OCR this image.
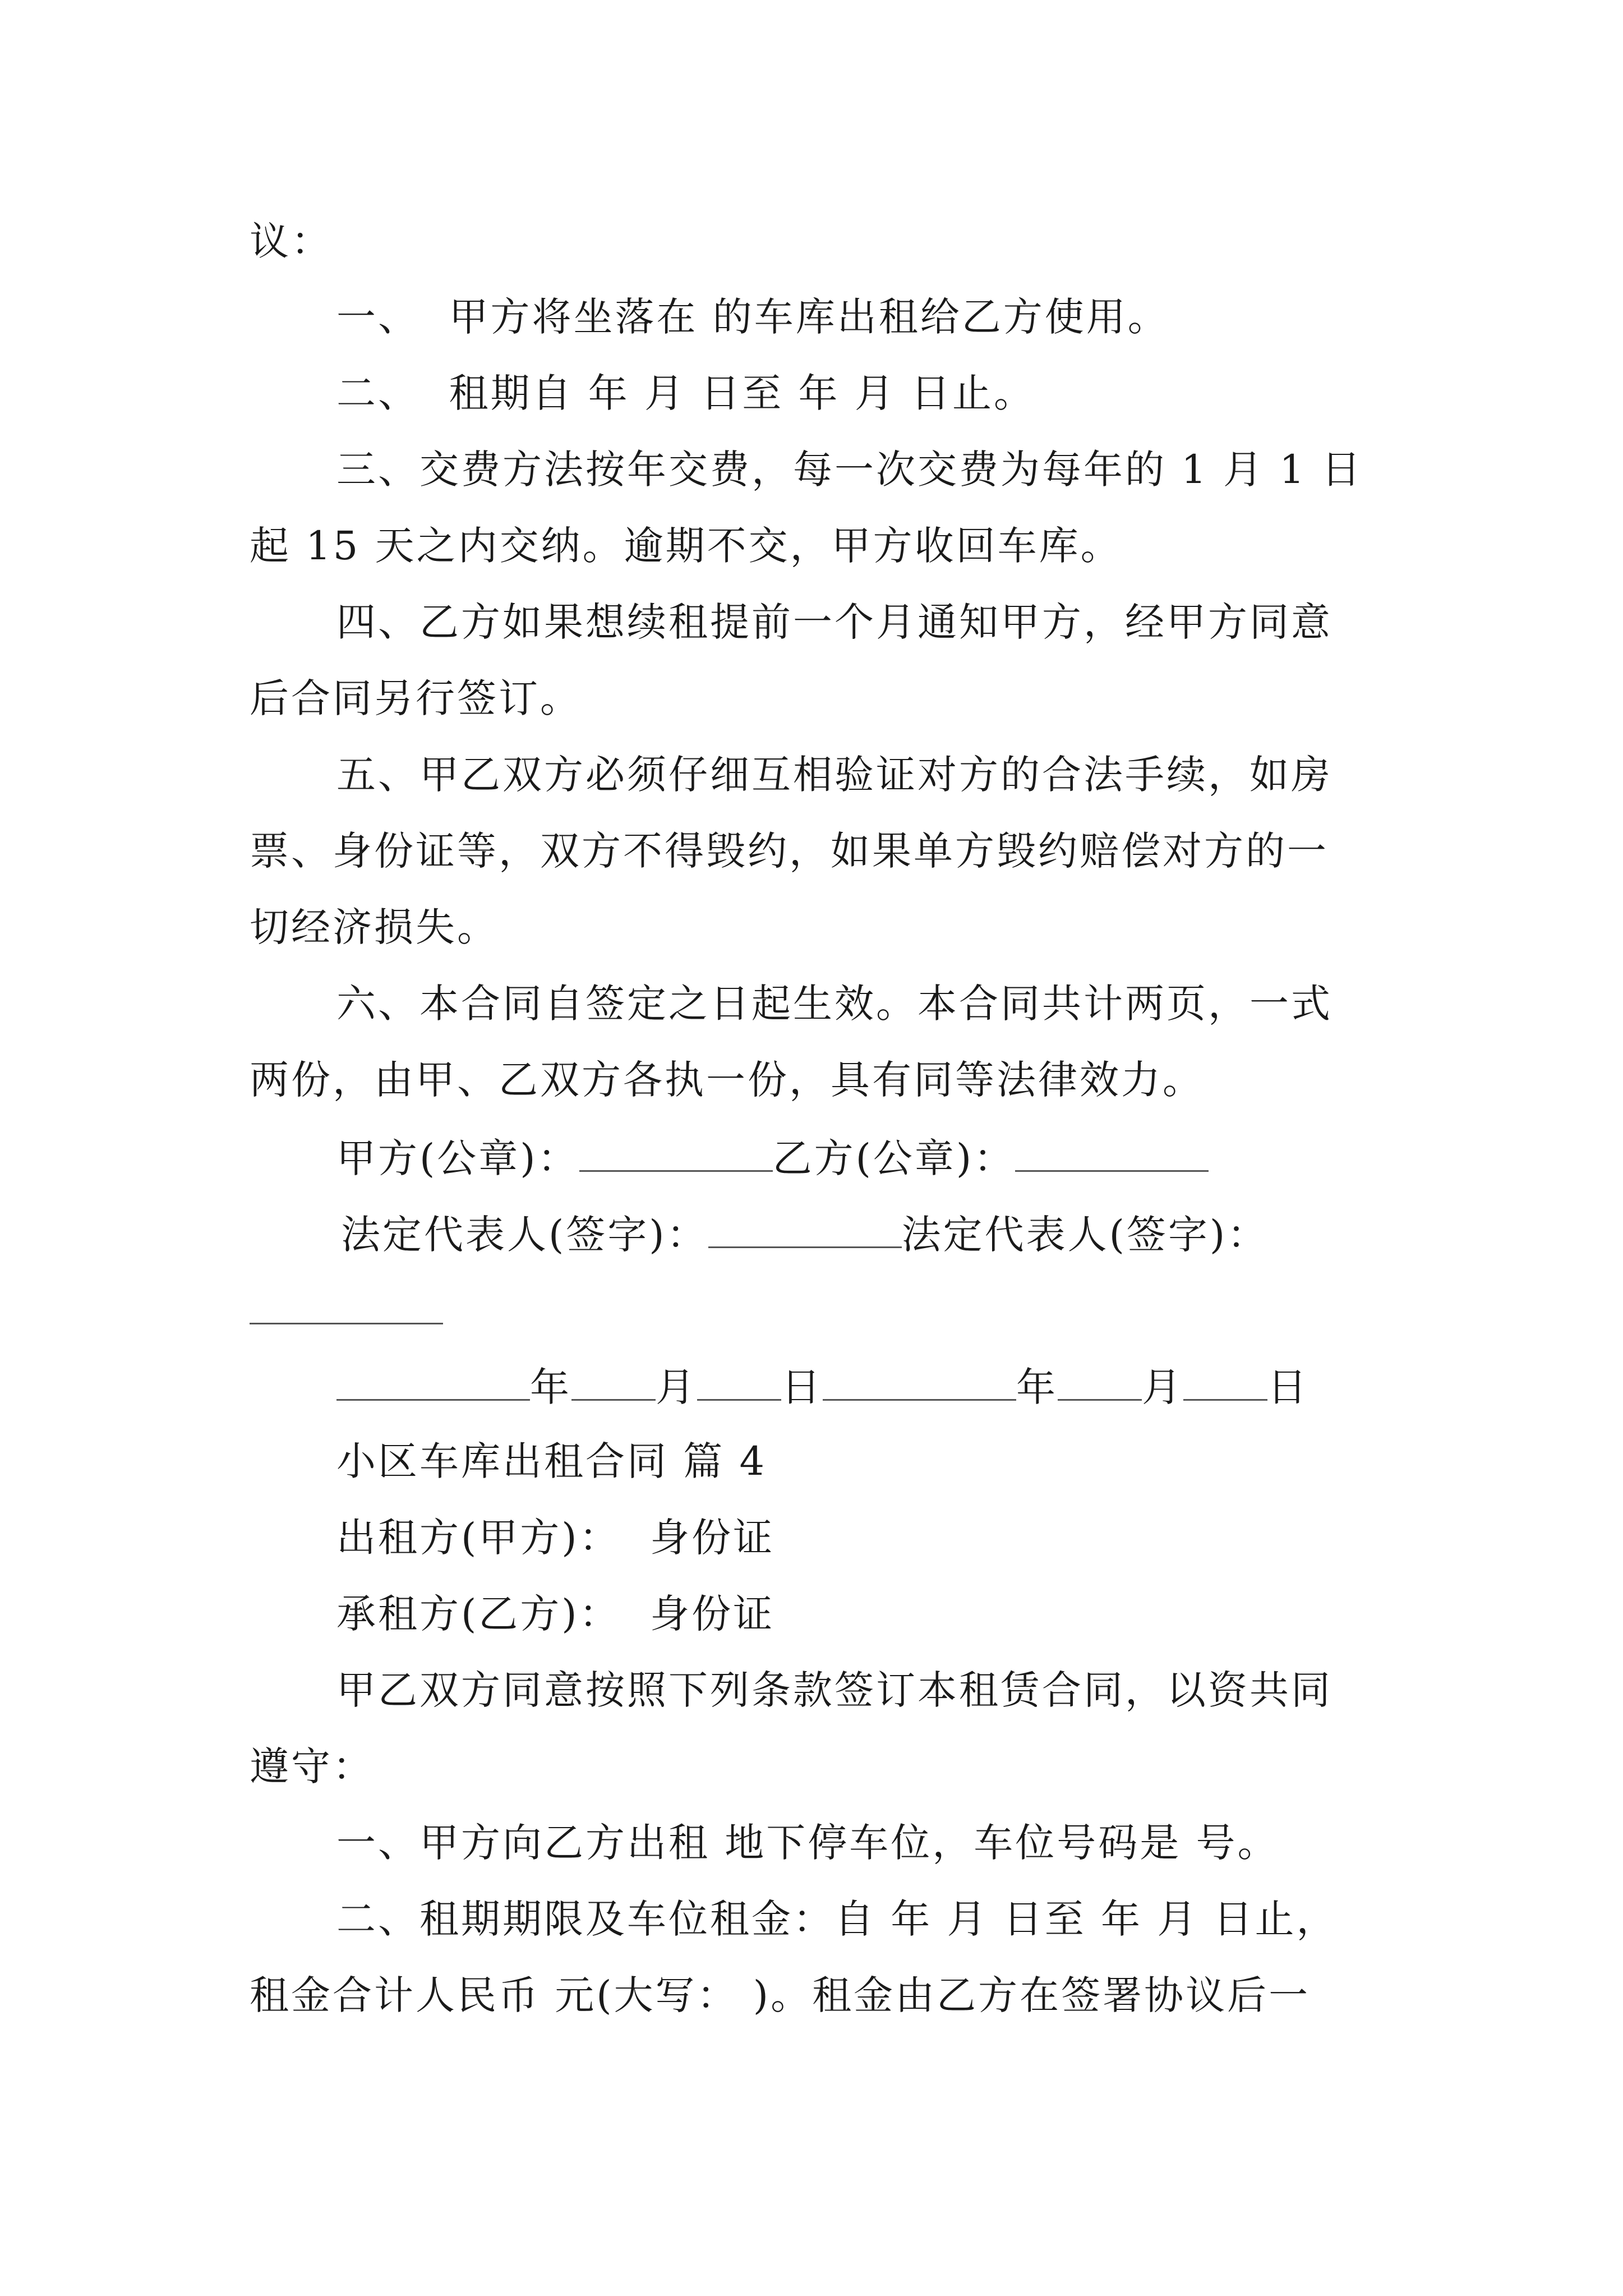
议：
一、  甲方将坐落在 的车库出租给乙方使用。
二、  租期自 年 月 日至 年 月 日止。
三、交费方法按年交费，每一次交费为每年的 1 月 1 日
起 15 天之内交纳。逾期不交，甲方收回车库。
四、乙方如果想续租提前一个月通知甲方，经甲方同意
后合同另行签订。
五、甲乙双方必须仔细互相验证对方的合法手续，如房
票、身份证等，双方不得毁约，如果单方毁约赔偿对方的一
切经济损失。
六、本合同自签定之日起生效。本合同共计两页，一式
两份，由甲、乙双方各执一份，具有同等法律效力。
甲方(公章)：	乙方(公章)：
法定代表人(签字)：	法定代表人(签字)：
年 月 日	年 月 日
小区车库出租合同 篇 4
出租方(甲方)：  身份证
承租方(乙方)：  身份证
甲乙双方同意按照下列条款签订本租赁合同，以资共同
遵守：
一、甲方向乙方出租 地下停车位，车位号码是 号。
二、租期期限及车位租金：自 年 月 日至 年 月 日止，
租金合计人民币 元(大写： )。租金由乙方在签署协议后一
